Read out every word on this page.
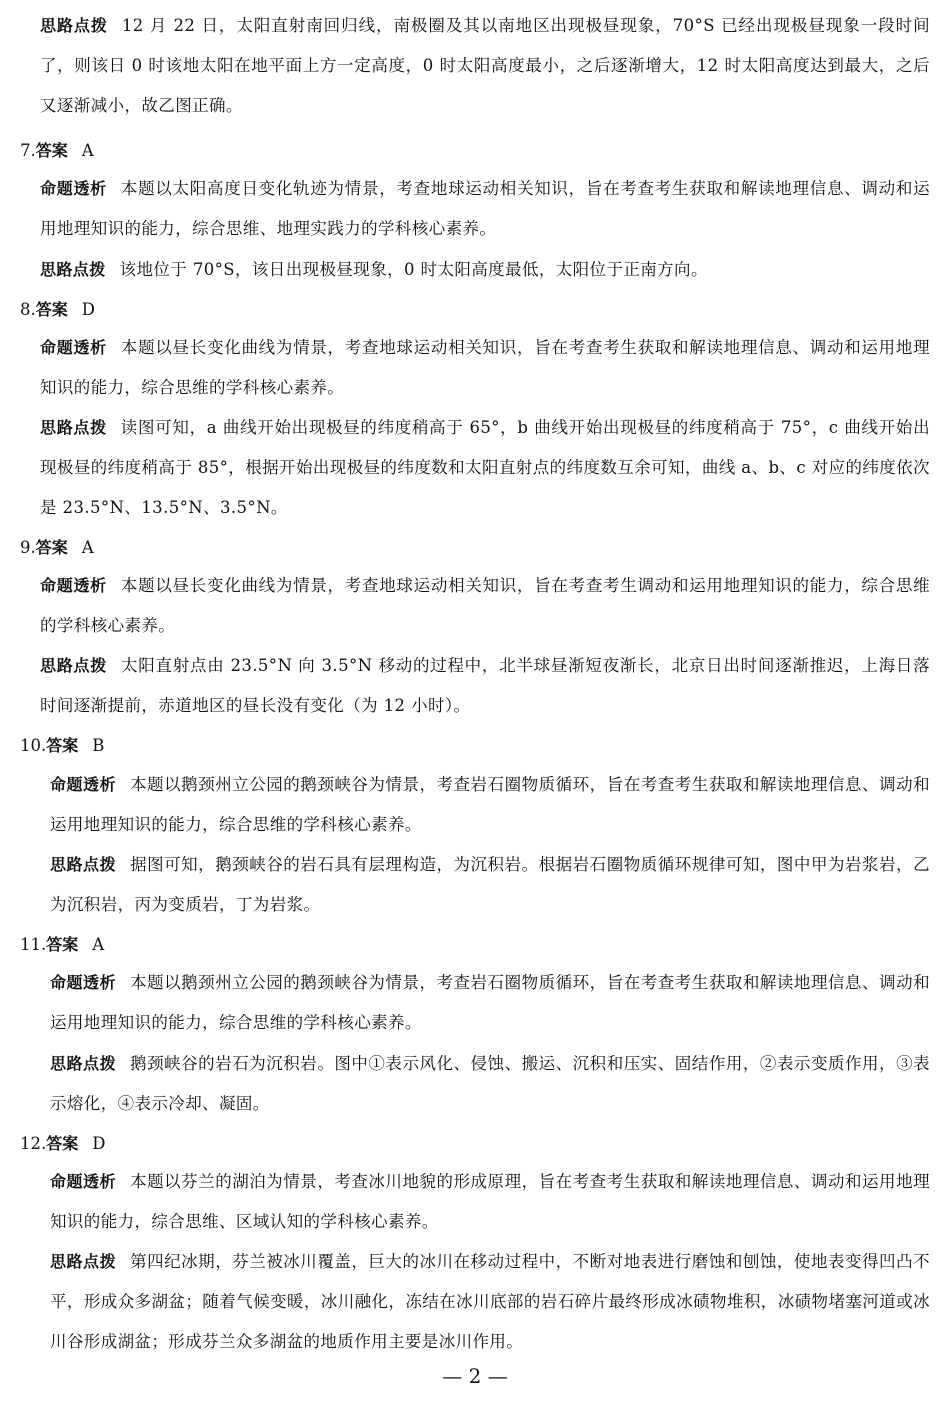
思路点拨 12 月 22 日，太阳直射南回归线，南极圈及其以南地区出现极昼现象，70°S 已经出现极昼现象一段时间了，则该日 0 时该地太阳在地平面上方一定高度，0 时太阳高度最小，之后逐渐增大，12 时太阳高度达到最大，之后又逐渐减小，故乙图正确。

7.答案 A

命题透析 本题以太阳高度日变化轨迹为情景，考查地球运动相关知识，旨在考查考生获取和解读地理信息、调动和运用地理知识的能力，综合思维、地理实践力的学科核心素养。

思路点拨 该地位于 70°S，该日出现极昼现象，0 时太阳高度最低，太阳位于正南方向。

8.答案 D

命题透析 本题以昼长变化曲线为情景，考查地球运动相关知识，旨在考查考生获取和解读地理信息、调动和运用地理知识的能力，综合思维的学科核心素养。

思路点拨 读图可知，a 曲线开始出现极昼的纬度稍高于 65°，b 曲线开始出现极昼的纬度稍高于 75°，c 曲线开始出现极昼的纬度稍高于 85°，根据开始出现极昼的纬度数和太阳直射点的纬度数互余可知，曲线 a、b、c 对应的纬度依次是 23.5°N、13.5°N、3.5°N。

9.答案 A

命题透析 本题以昼长变化曲线为情景，考查地球运动相关知识，旨在考查考生调动和运用地理知识的能力，综合思维的学科核心素养。

思路点拨 太阳直射点由 23.5°N 向 3.5°N 移动的过程中，北半球昼渐短夜渐长，北京日出时间逐渐推迟，上海日落时间逐渐提前，赤道地区的昼长没有变化（为 12 小时）。

10.答案 B

命题透析 本题以鹅颈州立公园的鹅颈峡谷为情景，考查岩石圈物质循环，旨在考查考生获取和解读地理信息、调动和运用地理知识的能力，综合思维的学科核心素养。

思路点拨 据图可知，鹅颈峡谷的岩石具有层理构造，为沉积岩。根据岩石圈物质循环规律可知，图中甲为岩浆岩，乙为沉积岩，丙为变质岩，丁为岩浆。

11.答案 A

命题透析 本题以鹅颈州立公园的鹅颈峡谷为情景，考查岩石圈物质循环，旨在考查考生获取和解读地理信息、调动和运用地理知识的能力，综合思维的学科核心素养。

思路点拨 鹅颈峡谷的岩石为沉积岩。图中①表示风化、侵蚀、搬运、沉积和压实、固结作用，②表示变质作用，③表示熔化，④表示冷却、凝固。

12.答案 D

命题透析 本题以芬兰的湖泊为情景，考查冰川地貌的形成原理，旨在考查考生获取和解读地理信息、调动和运用地理知识的能力，综合思维、区域认知的学科核心素养。

思路点拨 第四纪冰期，芬兰被冰川覆盖，巨大的冰川在移动过程中，不断对地表进行磨蚀和刨蚀，使地表变得凹凸不平，形成众多湖盆；随着气候变暖，冰川融化，冻结在冰川底部的岩石碎片最终形成冰碛物堆积，冰碛物堵塞河道或冰川谷形成湖盆；形成芬兰众多湖盆的地质作用主要是冰川作用。

— 2 —
